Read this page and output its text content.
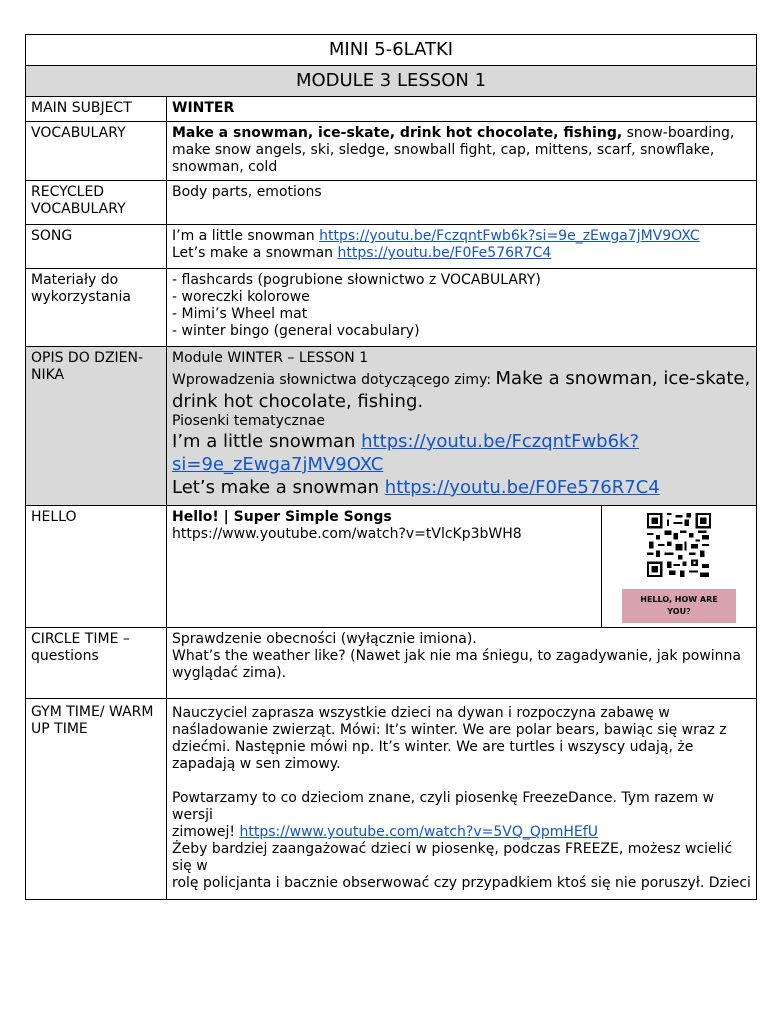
MINI 5-6LATKI		
MODULE 3 LESSON 1		
MAIN SUBJECT	WINTER	
VOCABULARY	Make a snowman, ice-skate, drink hot chocolate, fishing, snow-boarding, make snow angels, ski, sledge, snowball fight, cap, mittens, scarf, snowflake, snowman, cold	
RECYCLED VOCABULARY	Body parts, emotions	
SONG	I’m a little snowman https://youtu.be/FczqntFwb6k?si=9e_zEwga7jMV9OXC
Let’s make a snowman https://youtu.be/F0Fe576R7C4	
Materiały do wykorzystania	- flashcards (pogrubione słownictwo z VOCABULARY)
- woreczki kolorowe
- Mimi’s Wheel mat
- winter bingo (general vocabulary)	

OPIS DO DZIEN-NIKA	Module WINTER – LESSON 1
Wprowadzenia słownictwa dotyczącego zimy: Make a snowman, ice-skate, drink hot chocolate, fishing.
Piosenki tematycznae
I’m a little snowman https://youtu.be/FczqntFwb6k?si=9e_zEwga7jMV9OXC
Let’s make a snowman https://youtu.be/F0Fe576R7C4	
HELLO	Hello! | Super Simple Songs
https://www.youtube.com/watch?v=tVlcKp3bWH8	HELLO, HOW ARE YOU?

CIRCLE TIME – questions	Sprawdzenie obecności (wyłącznie imiona).
What’s the weather like? (Nawet jak nie ma śniegu, to zagadywanie, jak powinna wyglądać zima).	

GYM TIME/ WARM UP TIME	Nauczyciel zaprasza wszystkie dzieci na dywan i rozpoczyna zabawę w naśladowanie zwierząt. Mówi: It’s winter. We are polar bears, bawiąc się wraz z dziećmi. Następnie mówi np. It’s winter. We are turtles i wszyscy udają, że zapadają w sen zimowy.
Powtarzamy to co dzieciom znane, czyli piosenkę FreezeDance. Tym razem w wersji
zimowej! https://www.youtube.com/watch?v=5VQ_QpmHEfU
Żeby bardziej zaangażować dzieci w piosenkę, podczas FREEZE, możesz wcielić się w
rolę policjanta i bacznie obserwować czy przypadkiem ktoś się nie poruszył. Dzieci	
